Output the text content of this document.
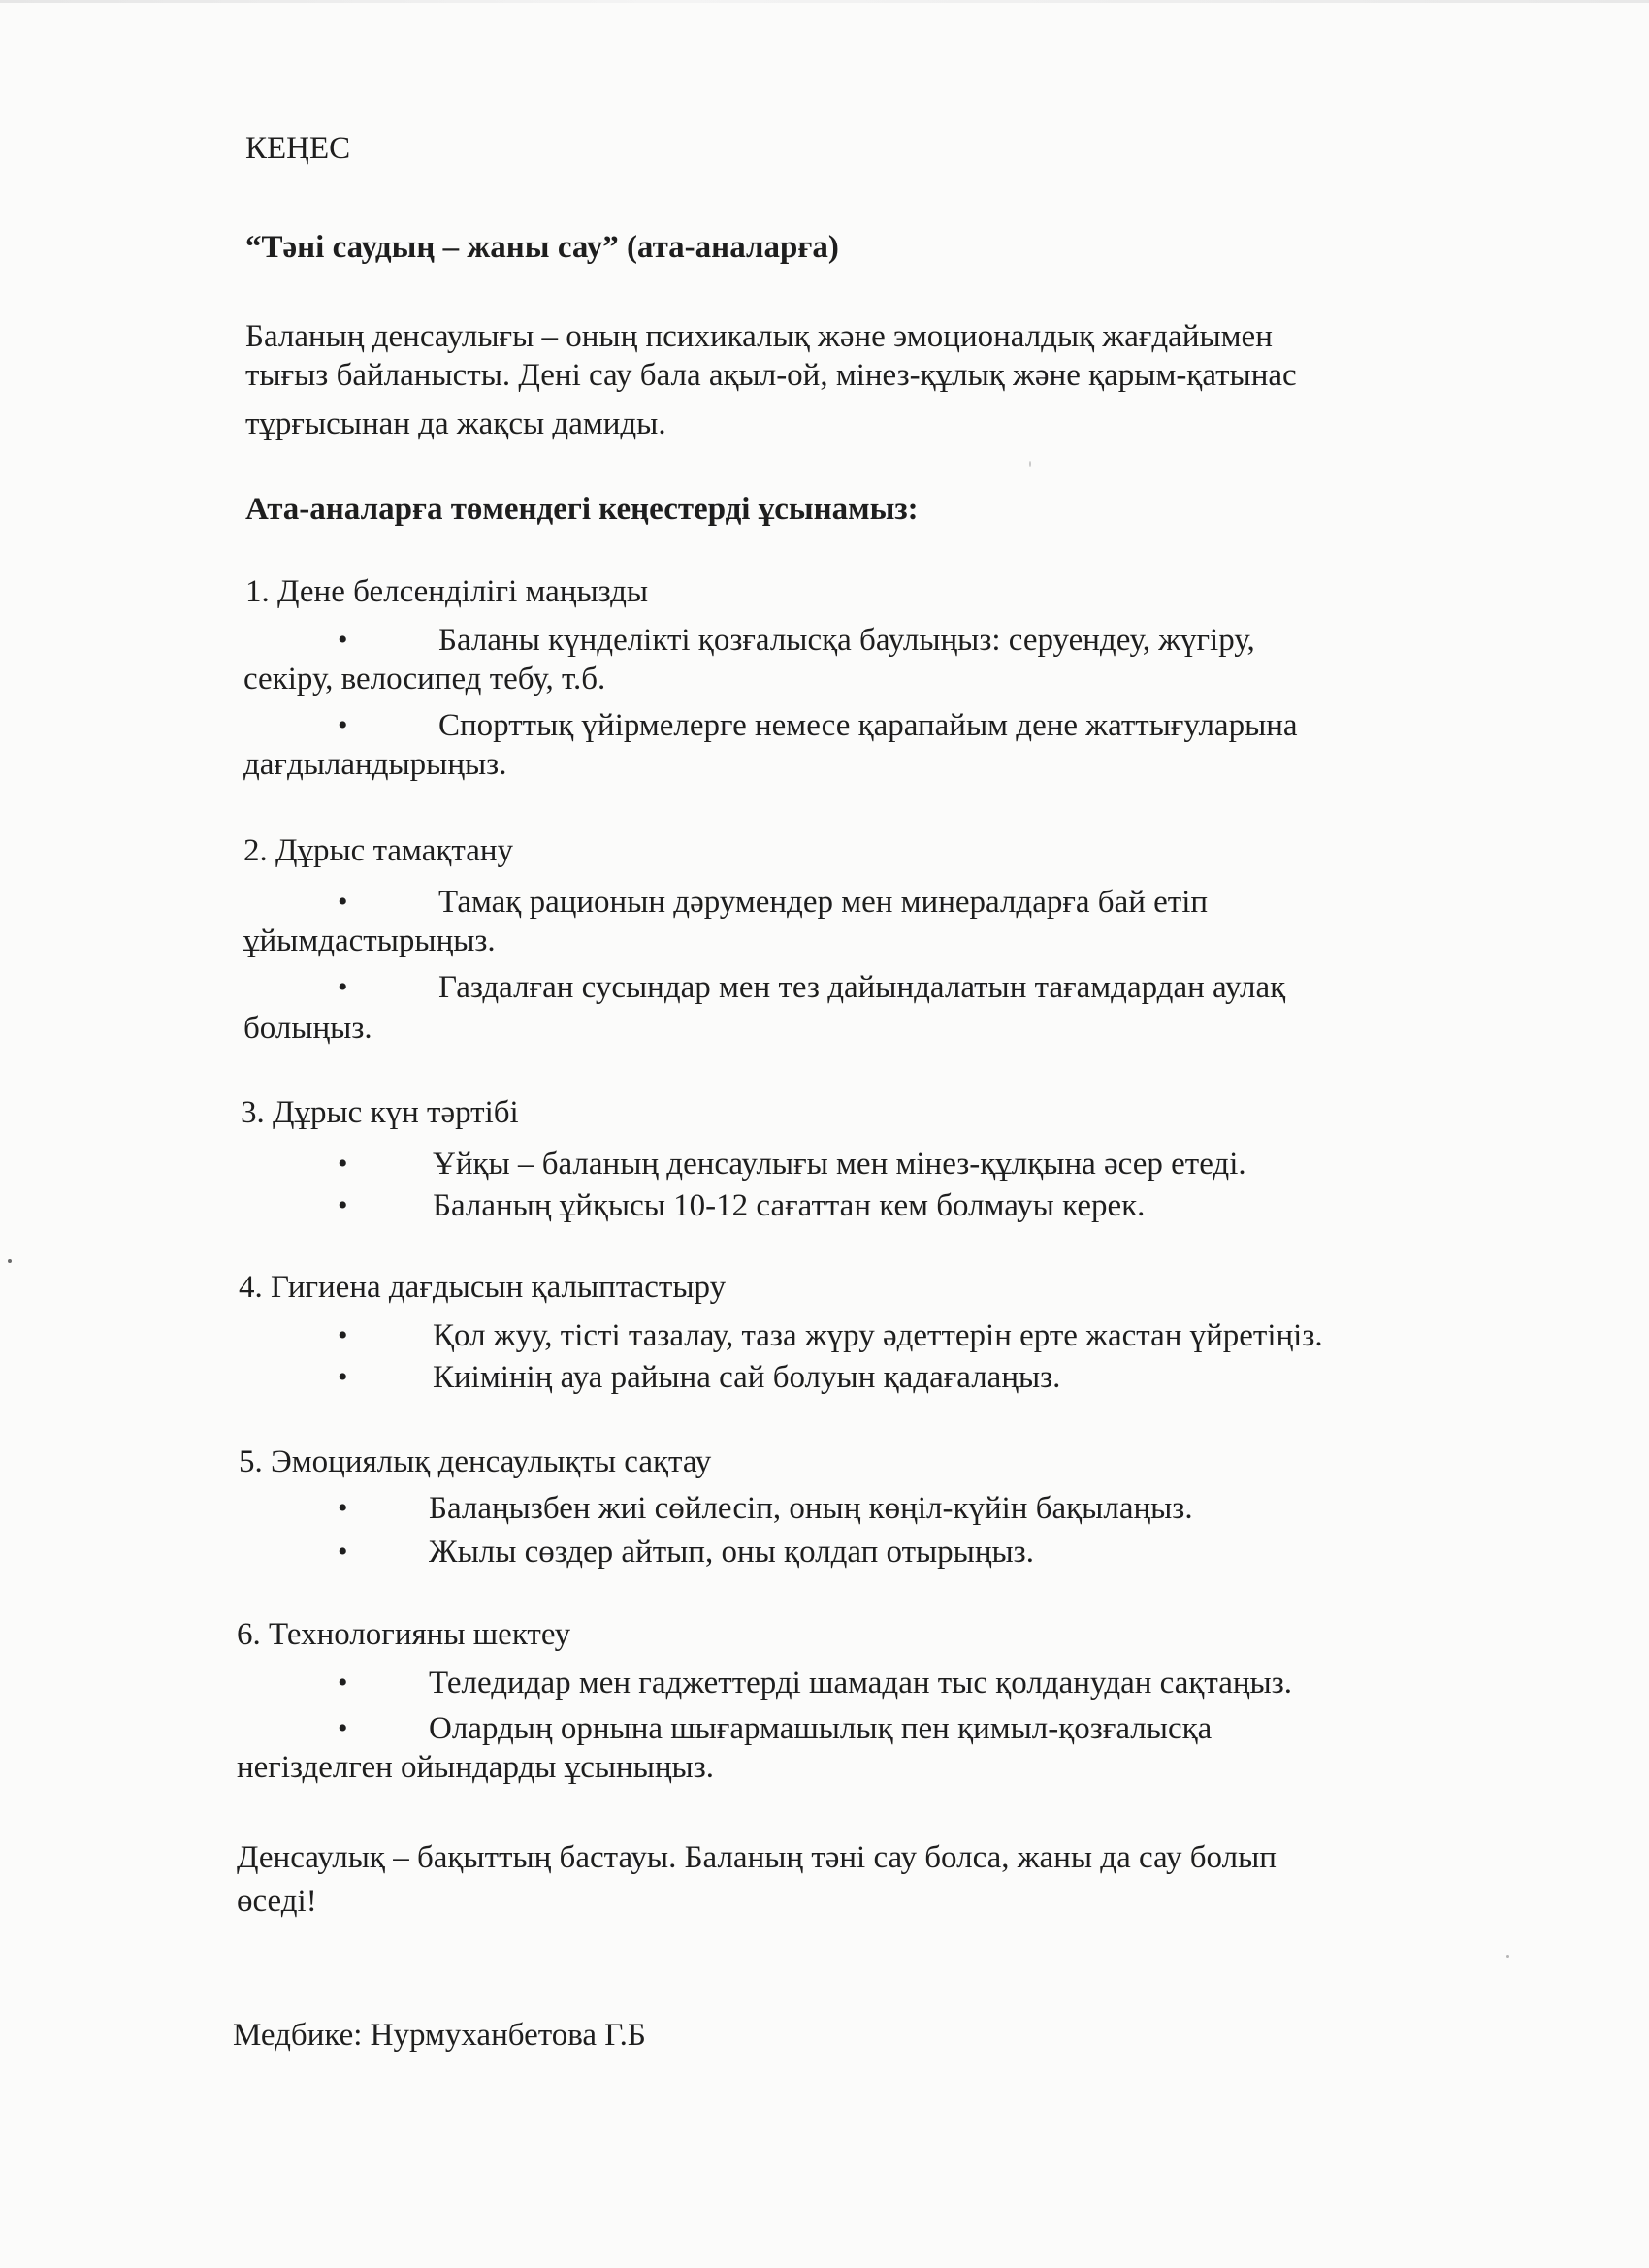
КЕҢЕС

“Тәні саудың – жаны сау” (ата-аналарға)

Баланың денсаулығы – оның психикалық және эмоционалдық жағдайымен

тығыз байланысты. Дені сау бала ақыл-ой, мінез-құлық және қарым-қатынас

тұрғысынан да жақсы дамиды.

Ата-аналарға төмендегі кеңестерді ұсынамыз:

1. Дене белсенділігі маңызды

•	Баланы күнделікті қозғалысқа баулыңыз: серуендеу, жүгіру,

секіру, велосипед тебу, т.б.

•	Спорттық үйірмелерге немесе қарапайым дене жаттығуларына

дағдыландырыңыз.

2. Дұрыс тамақтану

•	Тамақ рационын дәрумендер мен минералдарға бай етіп

ұйымдастырыңыз.

•	Газдалған сусындар мен тез дайындалатын тағамдардан аулақ

болыңыз.

3. Дұрыс күн тәртібі

•	Ұйқы – баланың денсаулығы мен мінез-құлқына әсер етеді.

•	Баланың ұйқысы 10-12 сағаттан кем болмауы керек.

4. Гигиена дағдысын қалыптастыру

•	Қол жуу, тісті тазалау, таза жүру әдеттерін ерте жастан үйретіңіз.

•	Киімінің ауа райына сай болуын қадағалаңыз.

5. Эмоциялық денсаулықты сақтау

•	Балаңызбен жиі сөйлесіп, оның көңіл-күйін бақылаңыз.

•	Жылы сөздер айтып, оны қолдап отырыңыз.

6. Технологияны шектеу

•	Теледидар мен гаджеттерді шамадан тыс қолданудан сақтаңыз.

•	Олардың орнына шығармашылық пен қимыл-қозғалысқа

негізделген ойындарды ұсыныңыз.

Денсаулық – бақыттың бастауы. Баланың тәні сау болса, жаны да сау болып

өседі!

Медбике: Нурмуханбетова Г.Б
